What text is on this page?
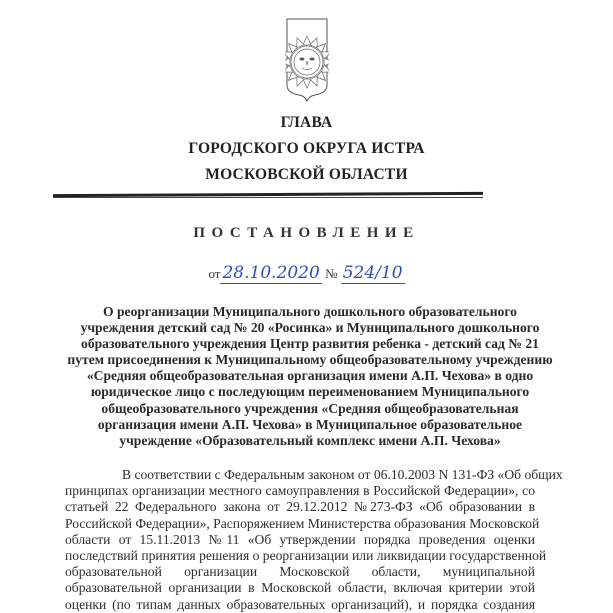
ГЛАВА
ГОРОДСКОГО ОКРУГА ИСТРА
МОСКОВСКОЙ ОБЛАСТИ
ПОСТАНОВЛЕНИЕ
от 28.10.2020 № 524/10
О реорганизации Муниципального дошкольного образовательного
учреждения детский сад № 20 «Росинка» и Муниципального дошкольного
образовательного учреждения Центр развития ребенка - детский сад № 21
путем присоединения к Муниципальному общеобразовательному учреждению
«Средняя общеобразовательная организация имени А.П. Чехова» в одно
юридическое лицо с последующим переименованием Муниципального
общеобразовательного учреждения «Средняя общеобразовательная
организация имени А.П. Чехова» в Муниципальное образовательное
учреждение «Образовательный комплекс имени А.П. Чехова»
В соответствии с Федеральным законом от 06.10.2003 N 131-ФЗ «Об общих
принципах организации местного самоуправления в Российской Федерации», со
статьей 22 Федерального закона от 29.12.2012 №273-ФЗ «Об образовании в
Российской Федерации», Распоряжением Министерства образования Московской
области от 15.11.2013 №11 «Об утверждении порядка проведения оценки
последствий принятия решения о реорганизации или ликвидации государственной
образовательной организации Московской области, муниципальной
образовательной организации в Московской области, включая критерии этой
оценки (по типам данных образовательных организаций), и порядка создания
